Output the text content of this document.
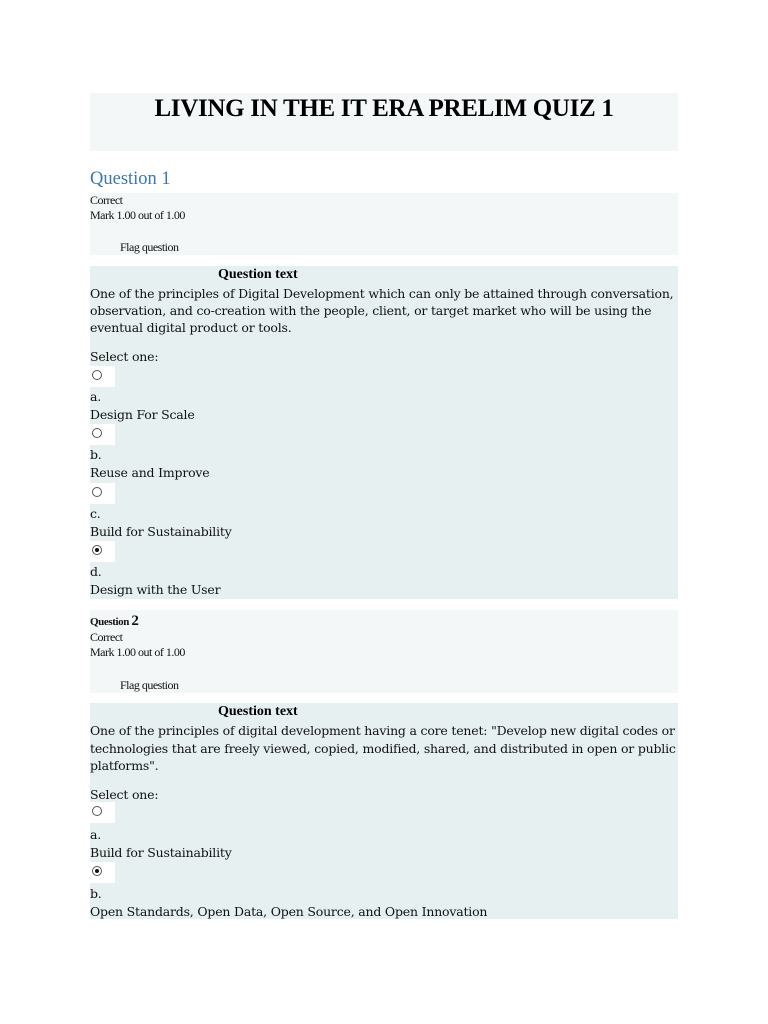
LIVING IN THE IT ERA PRELIM QUIZ 1
Question 1
Correct
Mark 1.00 out of 1.00
Flag question
Question text
One of the principles of Digital Development which can only be attained through conversation,
observation, and co-creation with the people, client, or target market who will be using the
eventual digital product or tools.
Select one:
a.
Design For Scale
b.
Reuse and Improve
c.
Build for Sustainability
d.
Design with the User
Question 2
Correct
Mark 1.00 out of 1.00
Flag question
Question text
One of the principles of digital development having a core tenet: "Develop new digital codes or
technologies that are freely viewed, copied, modified, shared, and distributed in open or public
platforms".
Select one:
a.
Build for Sustainability
b.
Open Standards, Open Data, Open Source, and Open Innovation
